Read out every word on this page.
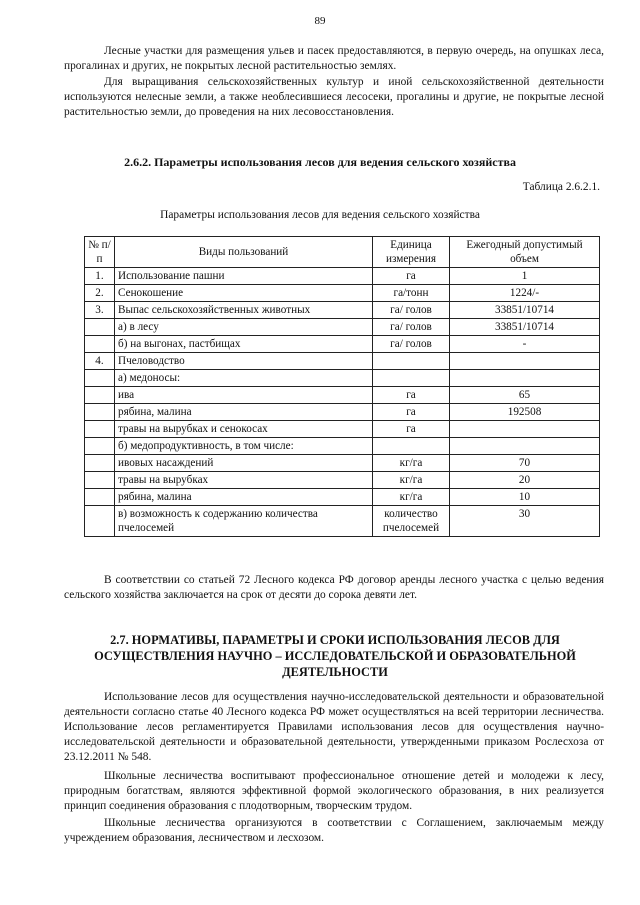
89
Лесные участки для размещения ульев и пасек предоставляются, в первую очередь, на опушках леса, прогалинах и других, не покрытых лесной растительностью землях.
Для выращивания сельскохозяйственных культур и иной сельскохозяйственной деятельности используются нелесные земли, а также необлесившиеся лесосеки, прогалины и другие, не покрытые лесной растительностью земли, до проведения на них лесовосстановления.
2.6.2. Параметры использования лесов для ведения сельского хозяйства
Таблица 2.6.2.1.
Параметры использования лесов для ведения сельского хозяйства
№ п/п	Виды пользований	Единица измерения	Ежегодный допустимый объем
1.	Использование пашни	га	1
2.	Сенокошение	га/тонн	1224/-
3.	Выпас сельскохозяйственных животных	га/ голов	33851/10714
	а) в лесу	га/ голов	33851/10714
	б) на выгонах, пастбищах	га/ голов	-
4.	Пчеловодство		
	а) медоносы:		
	ива	га	65
	рябина, малина	га	192508
	травы на вырубках и сенокосах	га	
	б) медопродуктивность, в том числе:		
	ивовых насаждений	кг/га	70
	травы на вырубках	кг/га	20
	рябина, малина	кг/га	10
	в) возможность к содержанию количества пчелосемей	количество пчелосемей	30
В соответствии со статьей 72 Лесного кодекса РФ договор аренды лесного участка с целью ведения сельского хозяйства заключается на срок от десяти до сорока девяти лет.
2.7. НОРМАТИВЫ, ПАРАМЕТРЫ И СРОКИ ИСПОЛЬЗОВАНИЯ ЛЕСОВ ДЛЯ ОСУЩЕСТВЛЕНИЯ НАУЧНО – ИССЛЕДОВАТЕЛЬСКОЙ И ОБРАЗОВАТЕЛЬНОЙ ДЕЯТЕЛЬНОСТИ
Использование лесов для осуществления научно-исследовательской деятельности и образовательной деятельности согласно статье 40 Лесного кодекса РФ может осуществляться на всей территории лесничества. Использование лесов регламентируется Правилами использования лесов для осуществления научно-исследовательской деятельности и образовательной деятельности, утвержденными приказом Рослесхоза от 23.12.2011 № 548.
Школьные лесничества воспитывают профессиональное отношение детей и молодежи к лесу, природным богатствам, являются эффективной формой экологического образования, в них реализуется принцип соединения образования с плодотворным, творческим трудом.
Школьные лесничества организуются в соответствии с Соглашением, заключаемым между учреждением образования, лесничеством и лесхозом.
